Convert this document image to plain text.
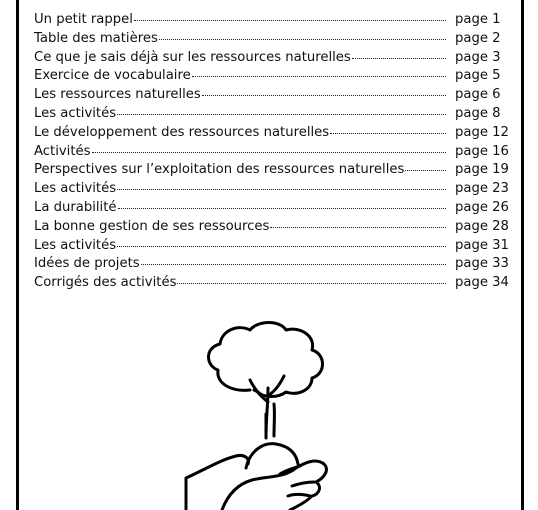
Un petit rappel	page 1
Table des matières	page 2
Ce que je sais déjà sur les ressources naturelles	page 3
Exercice de vocabulaire	page 5
Les ressources naturelles	page 6
Les activités	page 8
Le développement des ressources naturelles	page 12
Activités	page 16
Perspectives sur l’exploitation des ressources naturelles	page 19
Les activités	page 23
La durabilité	page 26
La bonne gestion de ses ressources	page 28
Les activités	page 31
Idées de projets	page 33
Corrigés des activités	page 34
